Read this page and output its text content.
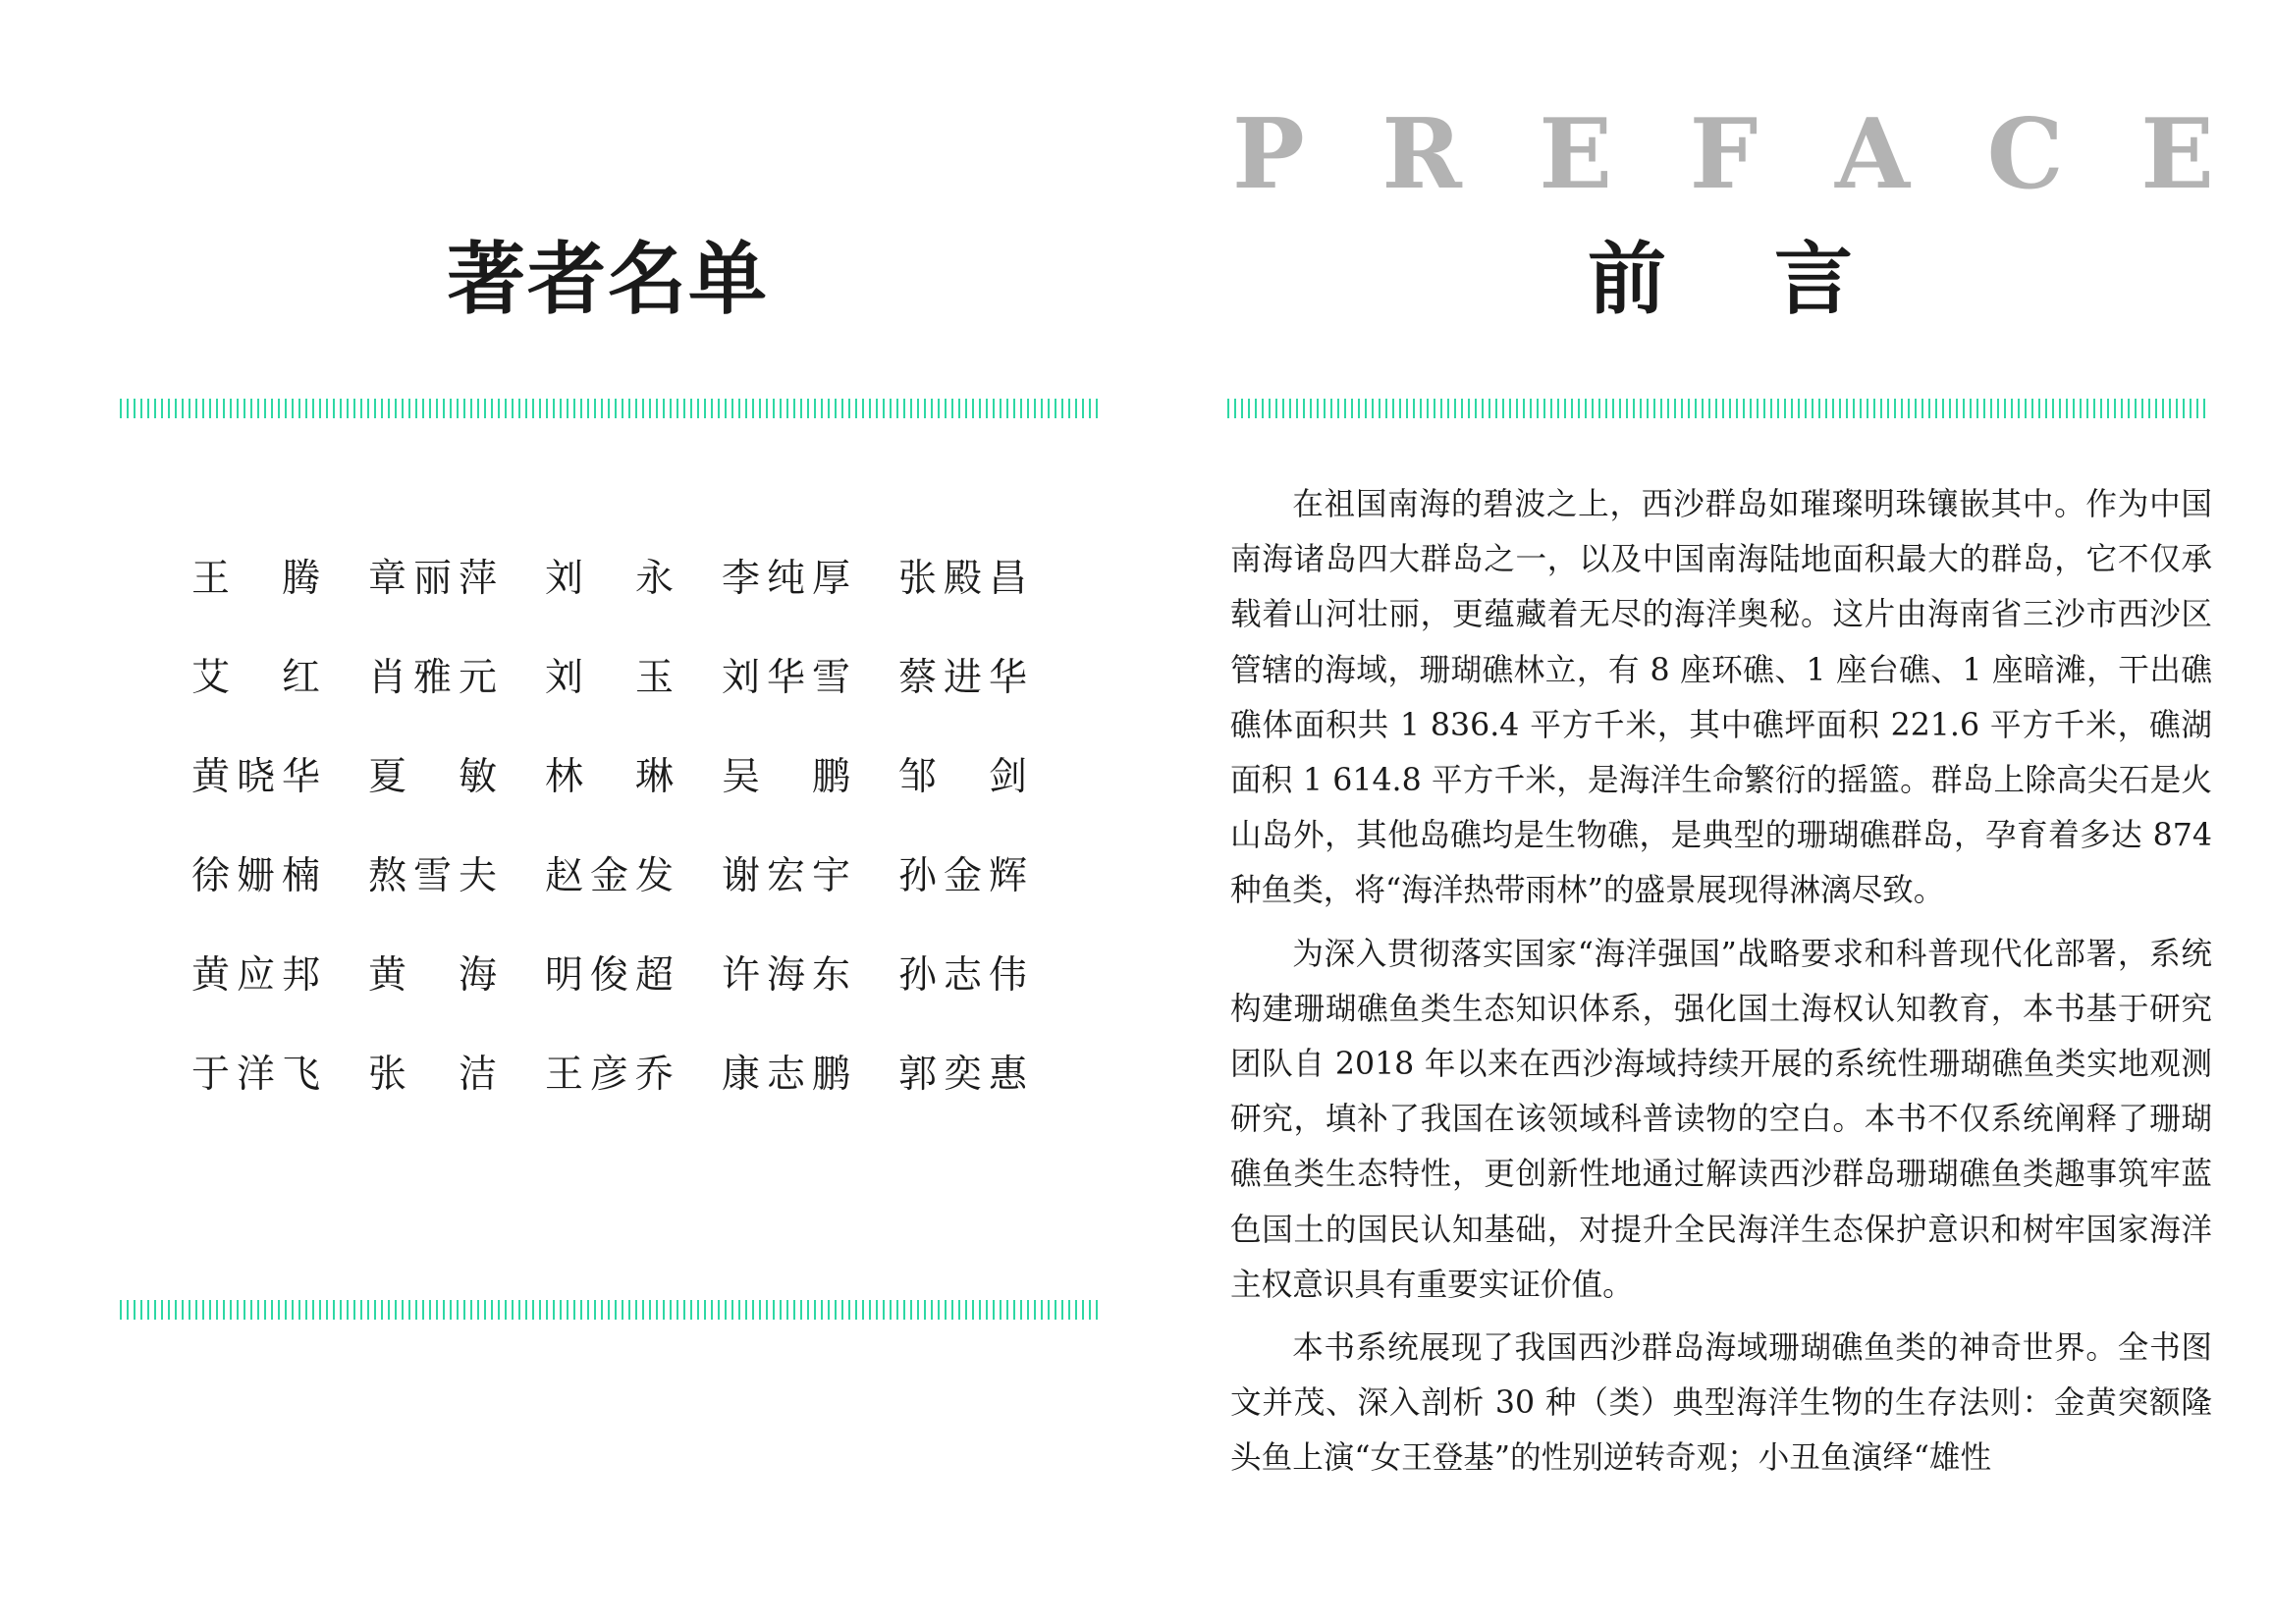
著者名单
王 腾 章 丽 萍 刘 永 李 纯 厚 张 殿 昌
艾 红 肖 雅 元 刘 玉 刘 华 雪 蔡 进 华
黄 晓 华 夏 敏 林 琳 吴 鹏 邹 剑
徐 姗 楠 熬 雪 夫 赵 金 发 谢 宏 宇 孙 金 辉
黄 应 邦 黄 海 明 俊 超 许 海 东 孙 志 伟
于 洋 飞 张 洁 王 彦 乔 康 志 鹏 郭 奕 惠
P R E F A C E
前言

在祖国南海的碧波之上，西沙群岛如璀璨明珠镶嵌其中。作为中国南海诸岛四大群岛之一，以及中国南海陆地面积最大的群岛，它不仅承载着山河壮丽，更蕴藏着无尽的海洋奥秘。这片由海南省三沙市西沙区管辖的海域，珊瑚礁林立，有 8 座环礁、1 座台礁、1 座暗滩，干出礁礁体面积共 1 836.4 平方千米，其中礁坪面积 221.6 平方千米，礁湖面积 1 614.8 平方千米，是海洋生命繁衍的摇篮。群岛上除高尖石是火山岛外，其他岛礁均是生物礁，是典型的珊瑚礁群岛，孕育着多达 874 种鱼类，将“海洋热带雨林”的盛景展现得淋漓尽致。

为深入贯彻落实国家“海洋强国”战略要求和科普现代化部署，系统构建珊瑚礁鱼类生态知识体系，强化国土海权认知教育，本书基于研究团队自 2018 年以来在西沙海域持续开展的系统性珊瑚礁鱼类实地观测研究，填补了我国在该领域科普读物的空白。本书不仅系统阐释了珊瑚礁鱼类生态特性，更创新性地通过解读西沙群岛珊瑚礁鱼类趣事筑牢蓝色国土的国民认知基础，对提升全民海洋生态保护意识和树牢国家海洋主权意识具有重要实证价值。

本书系统展现了我国西沙群岛海域珊瑚礁鱼类的神奇世界。全书图文并茂、深入剖析 30 种（类）典型海洋生物的生存法则：金黄突额隆头鱼上演“女王登基”的性别逆转奇观；小丑鱼演绎“雄性
